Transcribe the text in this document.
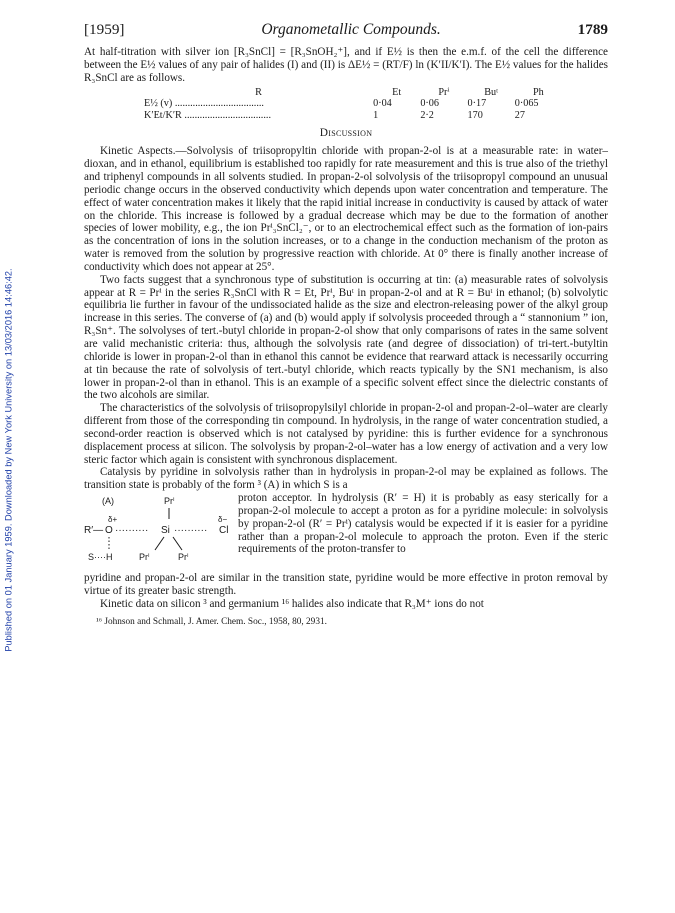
Published on 01 January 1959. Downloaded by New York University on 13/03/2016 14:46:42.
[1959]	Organometallic Compounds.	1789

At half-titration with silver ion [R₃SnCl] = [R₃SnOH₂⁺], and if E½ is then the e.m.f. of the cell the difference between the E½ values of any pair of halides (I) and (II) is ΔE½ = (RT/F) ln (K′II/K′I). The E½ values for the halides R₃SnCl are as follows.

R	Et	Prⁱ	Buᵗ	Ph
E½ (v) ...................................	0·04	0·06	0·17	0·065
K′Et/K′R ..................................	1	2·2	170	27
Discussion

Kinetic Aspects.—Solvolysis of triisopropyltin chloride with propan-2-ol is at a measurable rate: in water–dioxan, and in ethanol, equilibrium is established too rapidly for rate measurement and this is true also of the triethyl and triphenyl compounds in all solvents studied. In propan-2-ol solvolysis of the triisopropyl compound an unusual periodic change occurs in the observed conductivity which depends upon water concentration and temperature. The effect of water concentration makes it likely that the rapid initial increase in conductivity is caused by attack of water on the chloride. This increase is followed by a gradual decrease which may be due to the formation of another species of lower mobility, e.g., the ion Prⁱ₃SnCl₂⁻, or to an electrochemical effect such as the formation of ion-pairs as the concentration of ions in the solution increases, or to a change in the conduction mechanism of the proton as water is removed from the solution by progressive reaction with chloride. At 0° there is finally another increase of conductivity which does not appear at 25°.

Two facts suggest that a synchronous type of substitution is occurring at tin: (a) measurable rates of solvolysis appear at R = Prⁱ in the series R₃SnCl with R = Et, Prⁱ, Buᵗ in propan-2-ol and at R = Buᵗ in ethanol; (b) solvolytic equilibria lie further in favour of the undissociated halide as the size and electron-releasing power of the alkyl group increase in this series. The converse of (a) and (b) would apply if solvolysis proceeded through a “ stannonium ” ion, R₃Sn⁺. The solvolyses of tert.-butyl chloride in propan-2-ol show that only comparisons of rates in the same solvent are valid mechanistic criteria: thus, although the solvolysis rate (and degree of dissociation) of tri-tert.-butyltin chloride is lower in propan-2-ol than in ethanol this cannot be evidence that rearward attack is necessarily occurring at tin because the rate of solvolysis of tert.-butyl chloride, which reacts typically by the SN1 mechanism, is also lower in propan-2-ol than in ethanol. This is an example of a specific solvent effect since the dielectric constants of the two alcohols are similar.

The characteristics of the solvolysis of triisopropylsilyl chloride in propan-2-ol and propan-2-ol–water are clearly different from those of the corresponding tin compound. In hydrolysis, in the range of water concentration studied, a second-order reaction is observed which is not catalysed by pyridine: this is further evidence for a synchronous displacement process at silicon. The solvolysis by propan-2-ol–water has a low energy of activation and a very low steric factor which again is consistent with synchronous displacement.

Catalysis by pyridine in solvolysis rather than in hydrolysis in propan-2-ol may be explained as follows. The transition state is probably of the form ³ (A) in which S is a

(A)	Prⁱ
δ+	δ−
R′— O ·········· Si ·········· Cl
S····H	Prⁱ	Prⁱ

proton acceptor. In hydrolysis (R′ = H) it is probably as easy sterically for a propan-2-ol molecule to accept a proton as for a pyridine molecule: in solvolysis by propan-2-ol (R′ = Prⁱ) catalysis would be expected if it is easier for a pyridine rather than a propan-2-ol molecule to approach the proton. Even if the steric requirements of the proton-transfer to

pyridine and propan-2-ol are similar in the transition state, pyridine would be more effective in proton removal by virtue of its greater basic strength.

Kinetic data on silicon ³ and germanium ¹⁶ halides also indicate that R₃M⁺ ions do not

¹⁶ Johnson and Schmall, J. Amer. Chem. Soc., 1958, 80, 2931.
